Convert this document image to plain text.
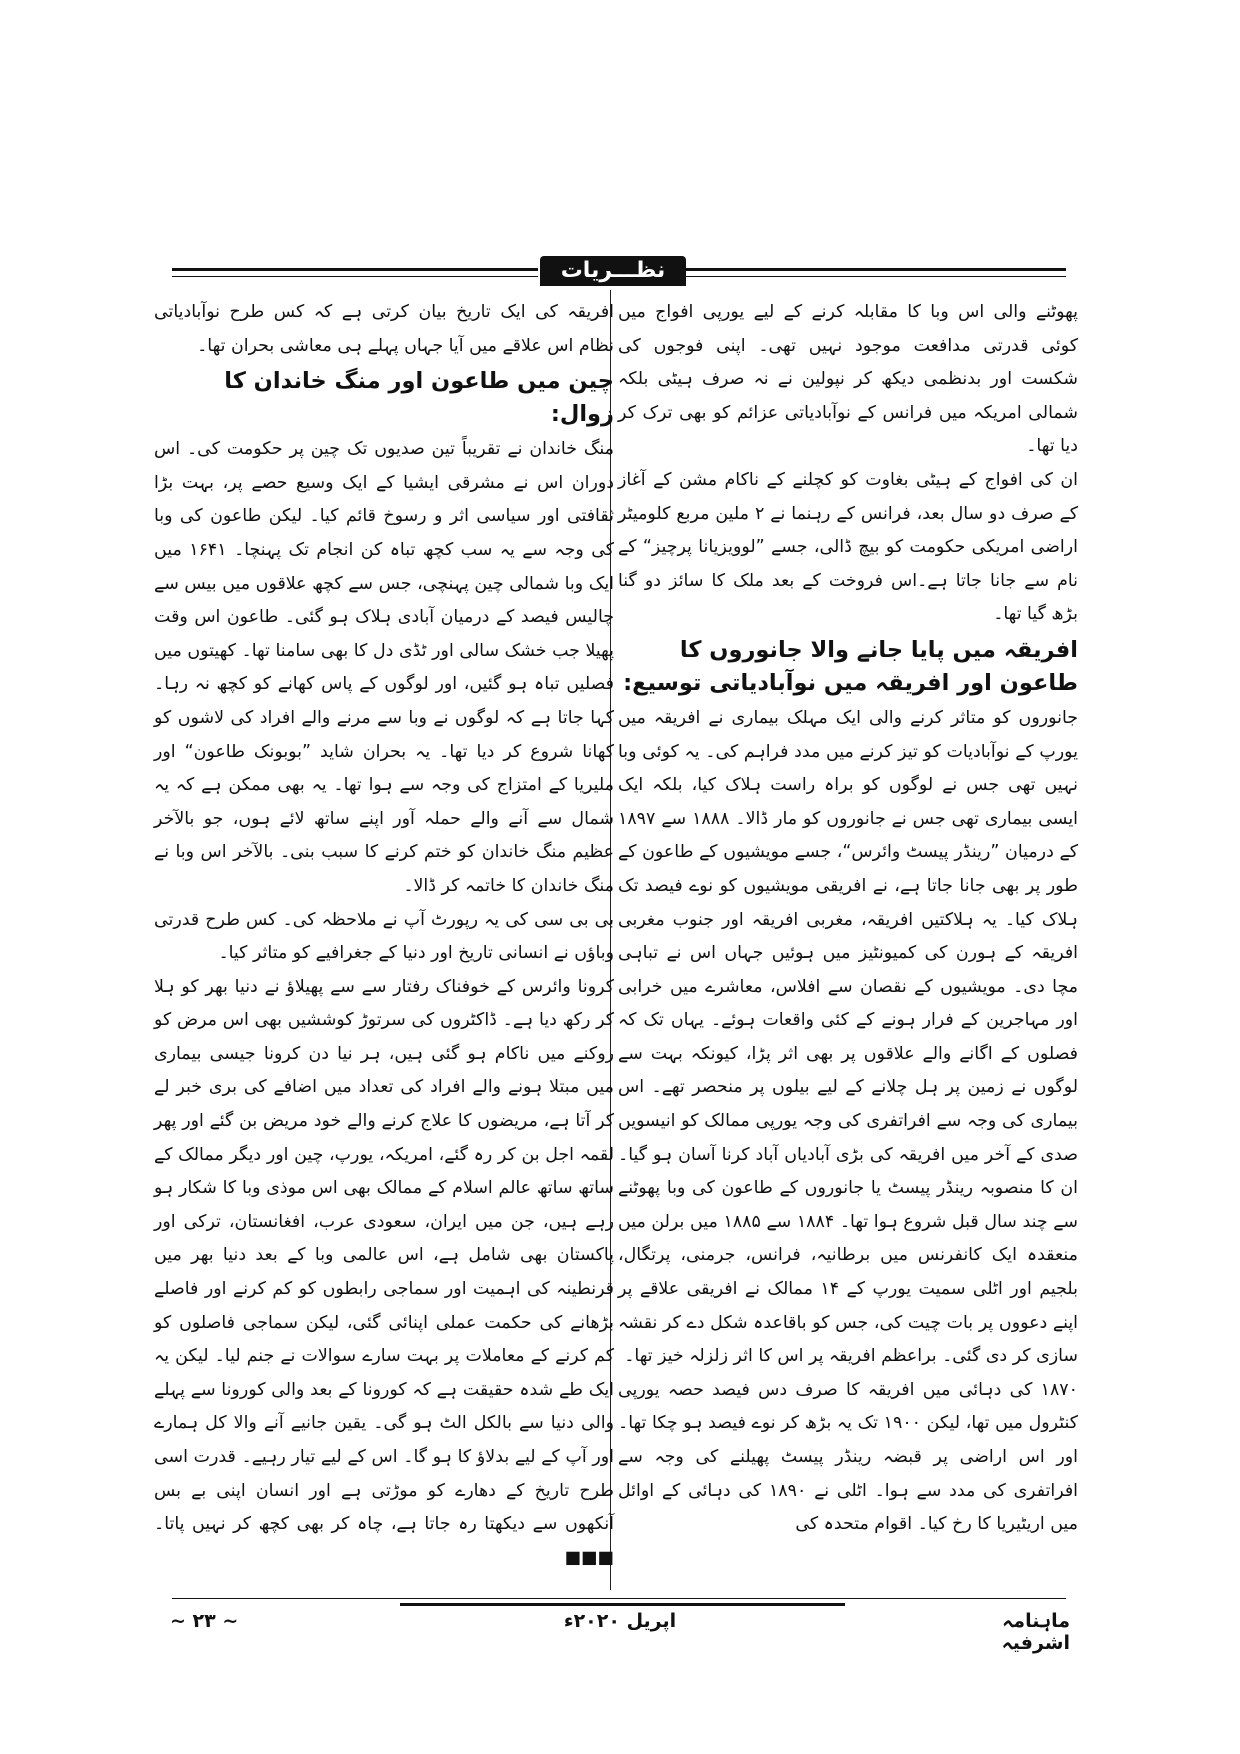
نظـــریات

پھوٹنے والی اس وبا کا مقابلہ کرنے کے لیے یورپی افواج میں کوئی قدرتی مدافعت موجود نہیں تھی۔ اپنی فوجوں کی شکست اور بدنظمی دیکھ کر نپولین نے نہ صرف ہیٹی بلکہ شمالی امریکہ میں فرانس کے نوآبادیاتی عزائم کو بھی ترک کر دیا تھا۔

ان کی افواج کے ہیٹی بغاوت کو کچلنے کے ناکام مشن کے آغاز کے صرف دو سال بعد، فرانس کے رہنما نے ۲ ملین مربع کلومیٹر اراضی امریکی حکومت کو بیچ ڈالی، جسے ”لوویزیانا پرچیز“ کے نام سے جانا جاتا ہے۔اس فروخت کے بعد ملک کا سائز دو گنا بڑھ گیا تھا۔

افریقہ میں پایا جانے والا جانوروں کا طاعون اور افریقہ میں نوآبادیاتی توسیع:

جانوروں کو متاثر کرنے والی ایک مہلک بیماری نے افریقہ میں یورپ کے نوآبادیات کو تیز کرنے میں مدد فراہم کی۔ یہ کوئی وبا نہیں تھی جس نے لوگوں کو براہ راست ہلاک کیا، بلکہ ایک ایسی بیماری تھی جس نے جانوروں کو مار ڈالا۔ ۱۸۸۸ سے ۱۸۹۷ کے درمیان ”رینڈر پیسٹ وائرس“، جسے مویشیوں کے طاعون کے طور پر بھی جانا جاتا ہے، نے افریقی مویشیوں کو نوے فیصد تک ہلاک کیا۔ یہ ہلاکتیں افریقہ، مغربی افریقہ اور جنوب مغربی افریقہ کے ہورن کی کمیونٹیز میں ہوئیں جہاں اس نے تباہی مچا دی۔ مویشیوں کے نقصان سے افلاس، معاشرے میں خرابی اور مہاجرین کے فرار ہونے کے کئی واقعات ہوئے۔ یہاں تک کہ فصلوں کے اگانے والے علاقوں پر بھی اثر پڑا، کیونکہ بہت سے لوگوں نے زمین پر ہل چلانے کے لیے بیلوں پر منحصر تھے۔ اس بیماری کی وجہ سے افراتفری کی وجہ یورپی ممالک کو انیسویں صدی کے آخر میں افریقہ کی بڑی آبادیاں آباد کرنا آسان ہو گیا۔ ان کا منصوبہ رینڈر پیسٹ یا جانوروں کے طاعون کی وبا پھوٹنے سے چند سال قبل شروع ہوا تھا۔ ۱۸۸۴ سے ۱۸۸۵ میں برلن میں منعقدہ ایک کانفرنس میں برطانیہ، فرانس، جرمنی، پرتگال، بلجیم اور اٹلی سمیت یورپ کے ۱۴ ممالک نے افریقی علاقے پر اپنے دعووں پر بات چیت کی، جس کو باقاعدہ شکل دے کر نقشہ سازی کر دی گئی۔ براعظم افریقہ پر اس کا اثر زلزلہ خیز تھا۔

۱۸۷۰ کی دہائی میں افریقہ کا صرف دس فیصد حصہ یورپی کنٹرول میں تھا، لیکن ۱۹۰۰ تک یہ بڑھ کر نوے فیصد ہو چکا تھا۔ اور اس اراضی پر قبضہ رینڈر پیسٹ پھیلنے کی وجہ سے افراتفری کی مدد سے ہوا۔ اٹلی نے ۱۸۹۰ کی دہائی کے اوائل میں اریٹیریا کا رخ کیا۔ اقوام متحدہ کی

افریقہ کی ایک تاریخ بیان کرتی ہے کہ کس طرح نوآبادیاتی نظام اس علاقے میں آیا جہاں پہلے ہی معاشی بحران تھا۔

چین میں طاعون اور منگ خاندان کا زوال:

منگ خاندان نے تقریباً تین صدیوں تک چین پر حکومت کی۔ اس دوران اس نے مشرقی ایشیا کے ایک وسیع حصے پر، بہت بڑا ثقافتی اور سیاسی اثر و رسوخ قائم کیا۔ لیکن طاعون کی وبا کی وجہ سے یہ سب کچھ تباہ کن انجام تک پہنچا۔ ۱۶۴۱ میں ایک وبا شمالی چین پہنچی، جس سے کچھ علاقوں میں بیس سے چالیس فیصد کے درمیان آبادی ہلاک ہو گئی۔ طاعون اس وقت پھیلا جب خشک سالی اور ٹڈی دل کا بھی سامنا تھا۔ کھیتوں میں فصلیں تباہ ہو گئیں، اور لوگوں کے پاس کھانے کو کچھ نہ رہا۔ کہا جاتا ہے کہ لوگوں نے وبا سے مرنے والے افراد کی لاشوں کو کھانا شروع کر دیا تھا۔ یہ بحران شاید ”بوبونک طاعون“ اور ملیریا کے امتزاج کی وجہ سے ہوا تھا۔ یہ بھی ممکن ہے کہ یہ شمال سے آنے والے حملہ آور اپنے ساتھ لائے ہوں، جو بالآخر عظیم منگ خاندان کو ختم کرنے کا سبب بنی۔ بالآخر اس وبا نے منگ خاندان کا خاتمہ کر ڈالا۔

بی بی سی کی یہ رپورٹ آپ نے ملاحظہ کی۔ کس طرح قدرتی وباؤں نے انسانی تاریخ اور دنیا کے جغرافیے کو متاثر کیا۔

کرونا وائرس کے خوفناک رفتار سے سے پھیلاؤ نے دنیا بھر کو ہلا کر رکھ دیا ہے۔ ڈاکٹروں کی سرتوڑ کوششیں بھی اس مرض کو روکنے میں ناکام ہو گئی ہیں، ہر نیا دن کرونا جیسی بیماری میں مبتلا ہونے والے افراد کی تعداد میں اضافے کی بری خبر لے کر آتا ہے، مریضوں کا علاج کرنے والے خود مریض بن گئے اور پھر لقمہ اجل بن کر رہ گئے، امریکہ، یورپ، چین اور دیگر ممالک کے ساتھ ساتھ عالم اسلام کے ممالک بھی اس موذی وبا کا شکار ہو رہے ہیں، جن میں ایران، سعودی عرب، افغانستان، ترکی اور پاکستان بھی شامل ہے، اس عالمی وبا کے بعد دنیا بھر میں قرنطینہ کی اہمیت اور سماجی رابطوں کو کم کرنے اور فاصلے بڑھانے کی حکمت عملی اپنائی گئی، لیکن سماجی فاصلوں کو کم کرنے کے معاملات پر بہت سارے سوالات نے جنم لیا۔ لیکن یہ ایک طے شدہ حقیقت ہے کہ کورونا کے بعد والی کورونا سے پہلے والی دنیا سے بالکل الٹ ہو گی۔ یقین جانیے آنے والا کل ہمارے اور آپ کے لیے بدلاؤ کا ہو گا۔ اس کے لیے تیار رہیے۔ قدرت اسی طرح تاریخ کے دھارے کو موڑتی ہے اور انسان اپنی بے بس آنکھوں سے دیکھتا رہ جاتا ہے، چاہ کر بھی کچھ کر نہیں پاتا۔ ■■■

ماہنامہ اشرفیہ
اپریل ۲۰۲۰ء
~ ۲۳ ~
